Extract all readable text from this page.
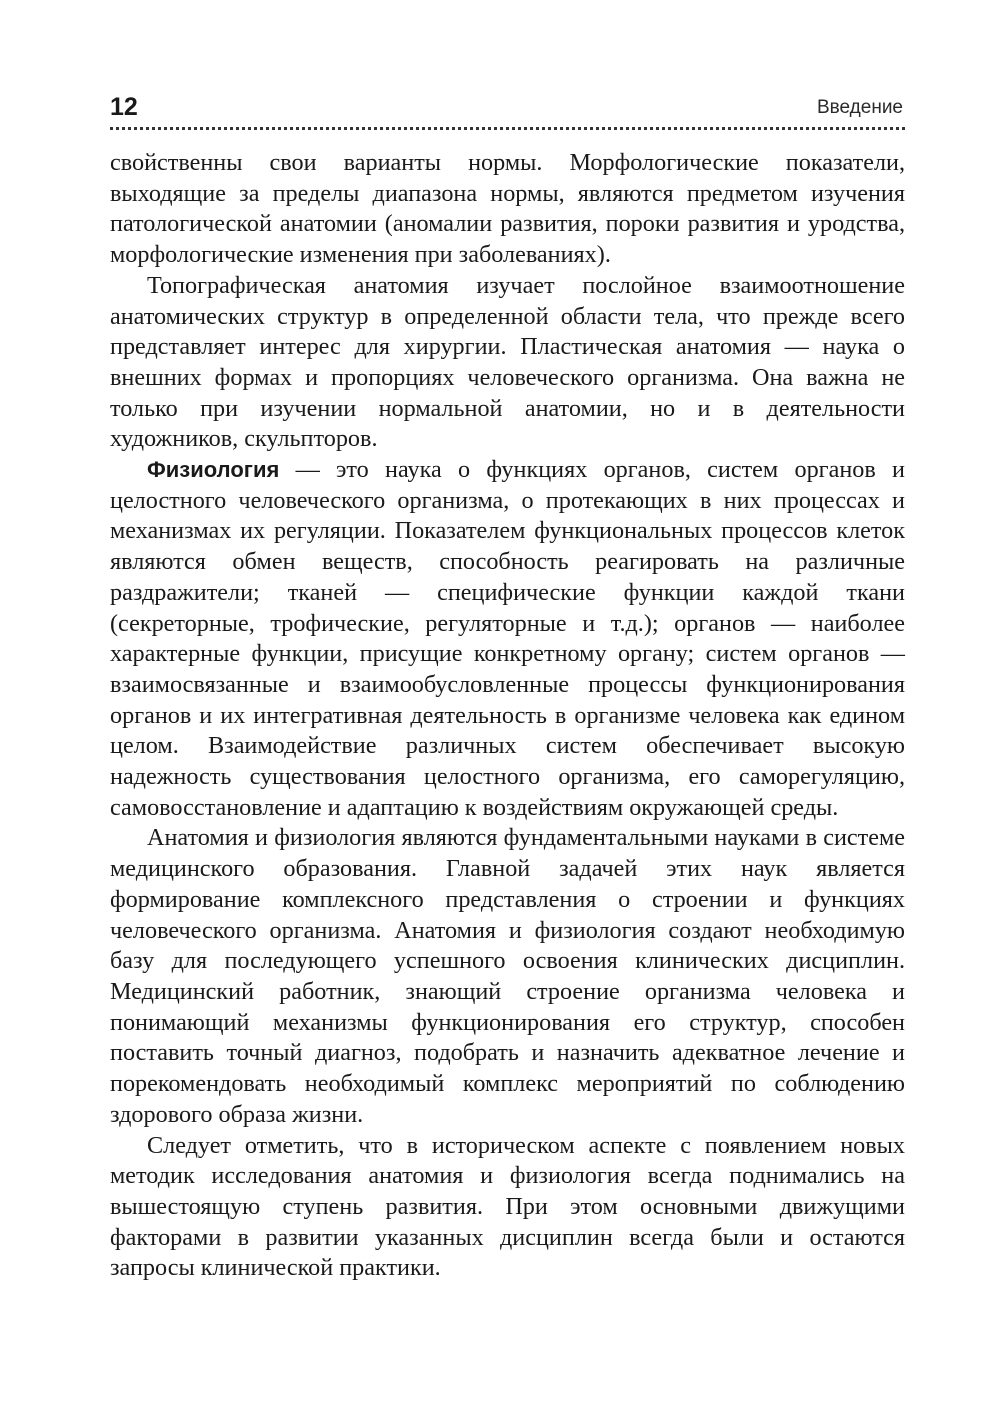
12	Введение

свойственны свои варианты нормы. Морфологические показатели, выходящие за пределы диапазона нормы, являются предметом изучения патологической анатомии (аномалии развития, пороки развития и уродства, морфологические изменения при заболеваниях).

Топографическая анатомия изучает послойное взаимоотношение анатомических структур в определенной области тела, что прежде всего представляет интерес для хирургии. Пластическая анатомия — наука о внешних формах и пропорциях человеческого организма. Она важна не только при изучении нормальной анатомии, но и в деятельности художников, скульпторов.

Физиология — это наука о функциях органов, систем органов и целостного человеческого организма, о протекающих в них процессах и механизмах их регуляции. Показателем функциональных процессов клеток являются обмен веществ, способность реагировать на различные раздражители; тканей — специфические функции каждой ткани (секреторные, трофические, регуляторные и т.д.); органов — наиболее характерные функции, присущие конкретному органу; систем органов — взаимосвязанные и взаимообусловленные процессы функционирования органов и их интегративная деятельность в организме человека как едином целом. Взаимодействие различных систем обеспечивает высокую надежность существования целостного организма, его саморегуляцию, самовосстановление и адаптацию к воздействиям окружающей среды.

Анатомия и физиология являются фундаментальными науками в системе медицинского образования. Главной задачей этих наук является формирование комплексного представления о строении и функциях человеческого организма. Анатомия и физиология создают необходимую базу для последующего успешного освоения клинических дисциплин. Медицинский работник, знающий строение организма человека и понимающий механизмы функционирования его структур, способен поставить точный диагноз, подобрать и назначить адекватное лечение и порекомендовать необходимый комплекс мероприятий по соблюдению здорового образа жизни.

Следует отметить, что в историческом аспекте с появлением новых методик исследования анатомия и физиология всегда поднимались на вышестоящую ступень развития. При этом основными движущими факторами в развитии указанных дисциплин всегда были и остаются запросы клинической практики.
